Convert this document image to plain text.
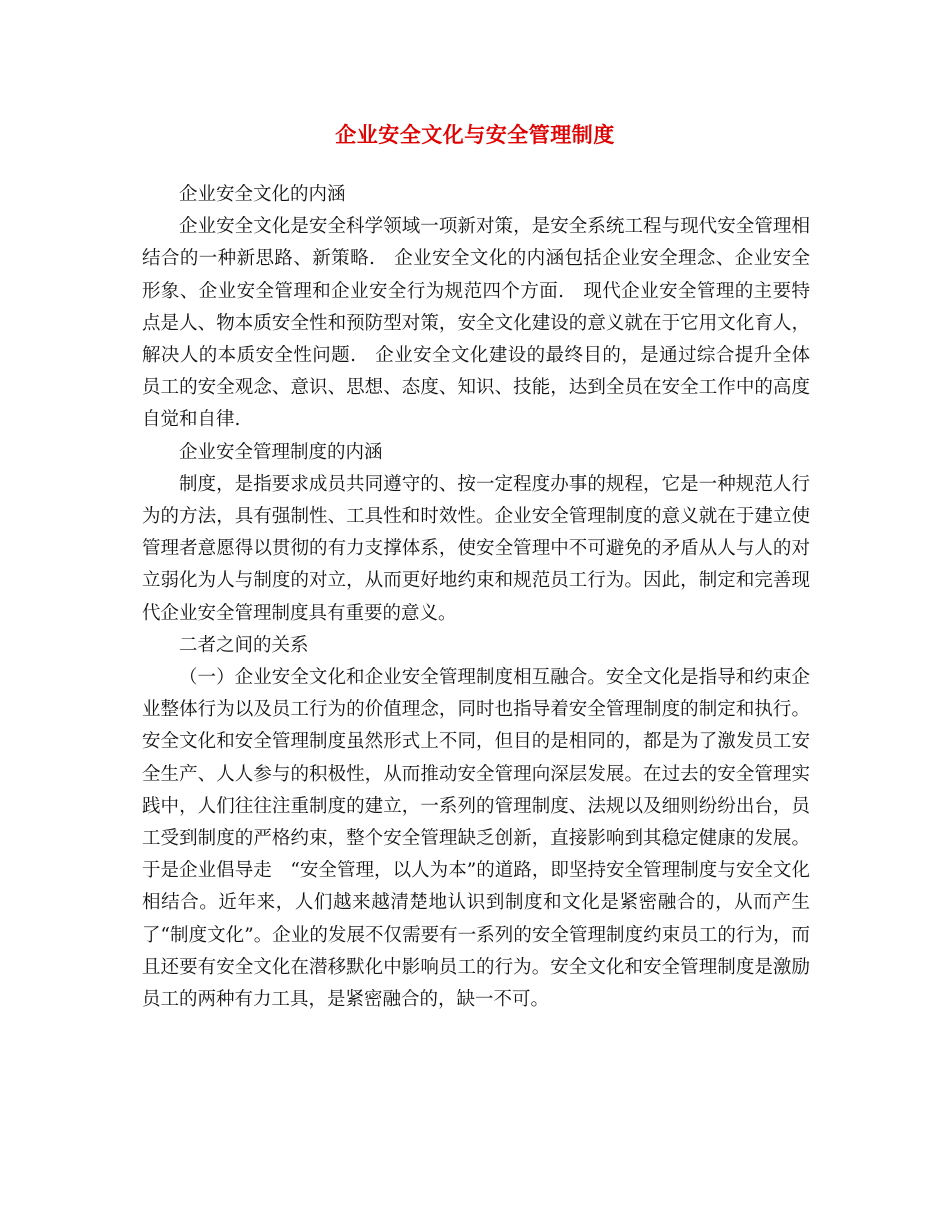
企业安全文化与安全管理制度

企业安全文化的内涵

企业安全文化是安全科学领域一项新对策，是安全系统工程与现代安全管理相结合的一种新思路、新策略.　企业安全文化的内涵包括企业安全理念、企业安全形象、企业安全管理和企业安全行为规范四个方面.　现代企业安全管理的主要特点是人、物本质安全性和预防型对策，安全文化建设的意义就在于它用文化育人，解决人的本质安全性问题.　企业安全文化建设的最终目的，是通过综合提升全体员工的安全观念、意识、思想、态度、知识、技能，达到全员在安全工作中的高度自觉和自律.

企业安全管理制度的内涵

制度，是指要求成员共同遵守的、按一定程度办事的规程，它是一种规范人行为的方法，具有强制性、工具性和时效性。企业安全管理制度的意义就在于建立使管理者意愿得以贯彻的有力支撑体系，使安全管理中不可避免的矛盾从人与人的对立弱化为人与制度的对立，从而更好地约束和规范员工行为。因此，制定和完善现代企业安全管理制度具有重要的意义。

二者之间的关系

（一）企业安全文化和企业安全管理制度相互融合。安全文化是指导和约束企业整体行为以及员工行为的价值理念，同时也指导着安全管理制度的制定和执行。安全文化和安全管理制度虽然形式上不同，但目的是相同的，都是为了激发员工安全生产、人人参与的积极性，从而推动安全管理向深层发展。在过去的安全管理实践中，人们往往注重制度的建立，一系列的管理制度、法规以及细则纷纷出台，员工受到制度的严格约束，整个安全管理缺乏创新，直接影响到其稳定健康的发展。于是企业倡导走　“安全管理，以人为本”的道路，即坚持安全管理制度与安全文化相结合。近年来，人们越来越清楚地认识到制度和文化是紧密融合的，从而产生了“制度文化”。企业的发展不仅需要有一系列的安全管理制度约束员工的行为，而且还要有安全文化在潜移默化中影响员工的行为。安全文化和安全管理制度是激励员工的两种有力工具，是紧密融合的，缺一不可。
